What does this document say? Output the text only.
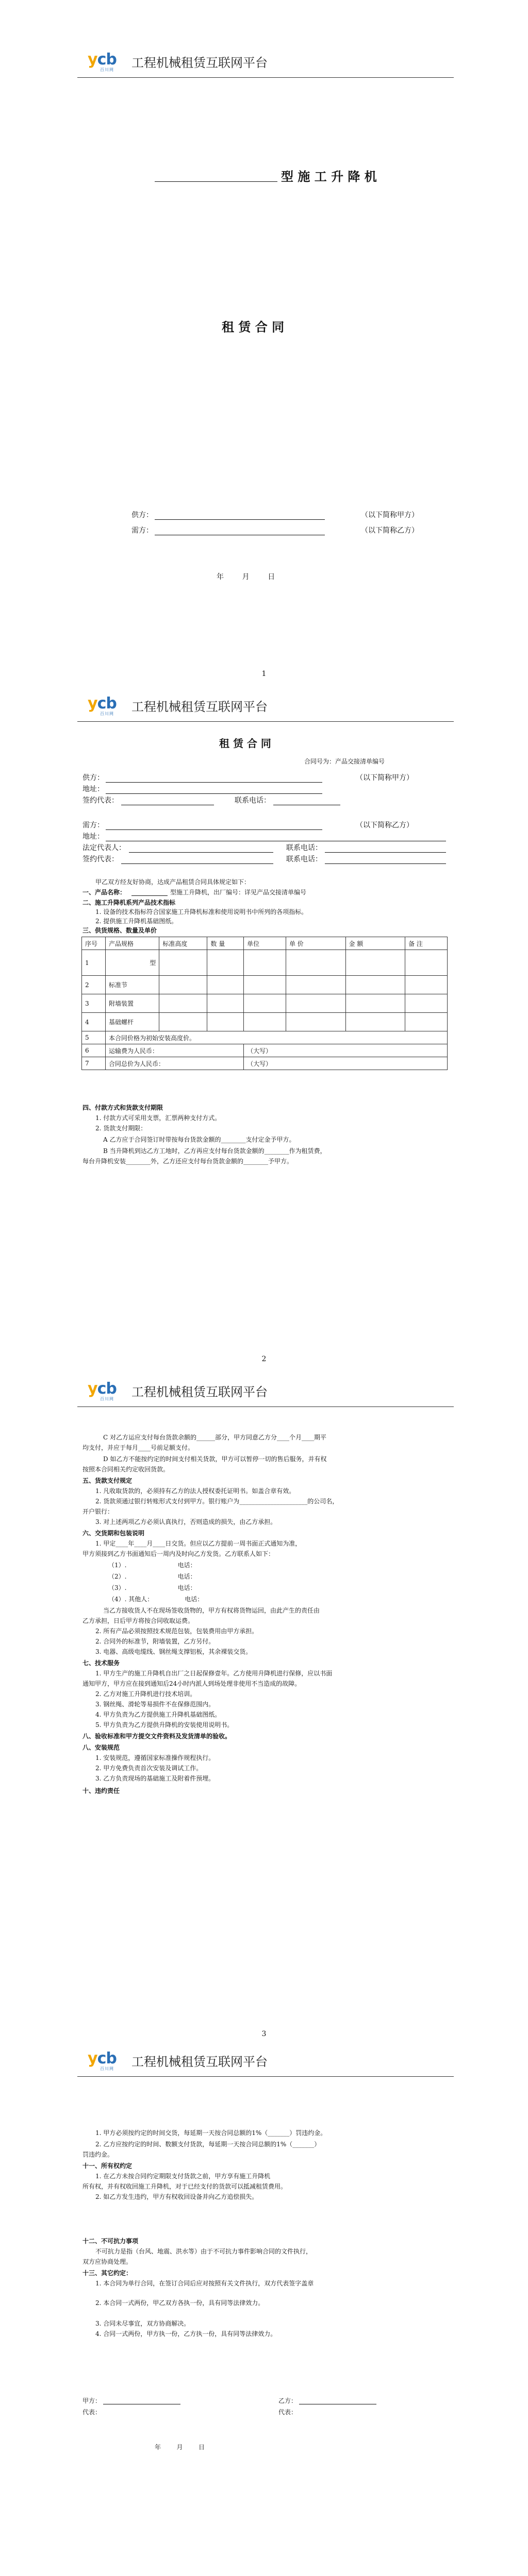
ycb
百川网 工程机械租赁互联网平台
型 施 工 升 降 机
租 赁 合 同
供方：	（以下简称甲方）
需方：	（以下简称乙方）
年        月        日
1
ycb
百川网 工程机械租赁互联网平台
租 赁 合 同
合同号为：产品交接清单编号
供方：	（以下简称甲方）
地址：
签约代表：	联系电话：
需方：	（以下简称乙方）
地址：
法定代表人：	联系电话：
签约代表：	联系电话：
甲乙双方经友好协商，达成产品租赁合同具体规定如下：
一、产品名称：	型施工升降机，出厂编号：详见产品交接清单编号
二、施工升降机系列产品技术指标
1. 设备的技术指标符合国家施工升降机标准和使用说明书中所列的各项指标。
2. 提供施工升降机基础图纸。
三、供货规格、数量及单价
序号	产品规格	标准高度	数 量	单位	单 价	金 额	备 注
1	型						
2	标准节						
3	附墙装置						
4	基础螺杆						
5	本合同价格为初始安装高度价。						
6	运输费为人民币：			（大写）			
7	合同总价为人民币：			（大写）			
四、付款方式和货款支付期限
1. 付款方式可采用支票，汇票两种支付方式。
2. 货款支付期限：
A 乙方应于合同签订时带按每台货款金额的________支付定金予甲方。
B 当升降机到达乙方工地时，乙方再应支付每台货款金额的________作为租赁费，
每台升降机安装________外，乙方还应支付每台货款金额的________予甲方。
2
ycb
百川网 工程机械租赁互联网平台
C 对乙方运应支付每台货款余额的______部分，甲方同意乙方分____个月____期平
均支付，并应于每月____号前足额支付。
D 如乙方不能按约定的时间支付相关货款，甲方可以暂停一切的售后服务，并有权
按照本合同相关约定收回货款。
五、货款支付规定
1. 凡收取货款的，必须持有乙方的法人授权委托证明书。如盖合章有效。
2. 货款须通过银行转账形式支付到甲方。银行账户为______________________的公司名，
开户银行：
3. 对上述两项乙方必须认真执行，否则造成的损失，由乙方承担。
六、交货期和包装说明
1. 甲定____年____月____日交货。但应以乙方提前一周书面正式通知为准，
甲方须接到乙方书面通知后一周内及时向乙方发货。乙方联系人如下：
（1）.                          电话：
（2）.                          电话：
（3）.                          电话：
（4）. 其他人：                电话：
当乙方接收货人不在现场签收货物的，甲方有权将货物运回，由此产生的责任由
乙方承担，日后甲方将按合同收取运费。
2. 所有产品必须按照技术规范包装，包装费用由甲方承担。
2. 合同外的标准节，附墙装置，乙方另付。
3. 电器、高级电缆线、钢丝绳支撑铝板，其余裸装交货。
七、技术服务
1. 甲方生产的施工升降机自出厂之日起保修壹年。乙方使用升降机进行保修，应以书面
通知甲方，甲方应在接到通知后24小时内派人到场处理非使用不当造成的故障。
2. 乙方对施工升降机进行技术培训。
3. 钢丝绳、滑轮等易损件不在保修范围内。
4. 甲方负责为乙方提供施工升降机基础图纸。
5. 甲方负责为乙方提供升降机的安装使用说明书。
八、验收标准和甲方提交文件资料及发货清单的验收。
八、安装规范
1. 安装规范，遵循国家标准操作规程执行。
2. 甲方免费负责首次安装及调试工作。
3. 乙方负责现场的基础施工及附着件预埋。
十、违约责任
3
ycb
百川网 工程机械租赁互联网平台
1. 甲方必须按约定的时间交货，每延期一天按合同总额的1%（_______）罚违约金。
2. 乙方应按约定的时间、数额支付货款，每延期一天按合同总额的1%（_______）
罚违约金。
十一、所有权约定
1. 在乙方未按合同约定期限支付货款之前，甲方享有施工升降机
所有权，并有权收回施工升降机，对于已经支付的货款可以抵减租赁费用。
2. 如乙方发生违约，甲方有权收回设备并向乙方追偿损失。
十二、不可抗力事项
不可抗力是指（台风、地震、洪水等）由于不可抗力事件影响合同的文件执行，
双方应协商处理。
十三、其它约定：
1. 本合同为单行合同，在签订合同后应对按照有关文件执行，双方代表签字盖章
2. 本合同一式两份，甲乙双方各执一份，具有同等法律效力。
3. 合同未尽事宜，双方协商解决。
4. 合同一式两份，甲方执一份，乙方执一份，具有同等法律效力。
甲方：
代表：
乙方：
代表：
年        月        日
